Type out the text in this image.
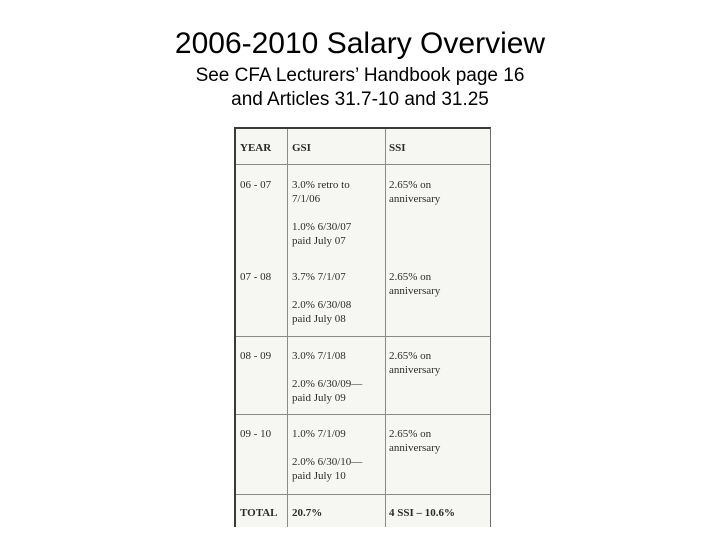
2006-2010 Salary Overview
See CFA Lecturers’ Handbook page 16
and Articles 31.7-10 and 31.25
YEAR GSI	SSI
06 - 07 3.0% retro to
7/1/06
1.0% 6/30/07
paid July 07
2.65% on
anniversary
07 - 08 3.7% 7/1/07
2.0% 6/30/08
paid July 08
2.65% on
anniversary
08 - 09 3.0% 7/1/08
2.0% 6/30/09—
paid July 09
2.65% on
anniversary
09 - 10 1.0% 7/1/09
2.0% 6/30/10—
paid July 10
2.65% on
anniversary
TOTAL 20.7%	4 SSI – 10.6%
